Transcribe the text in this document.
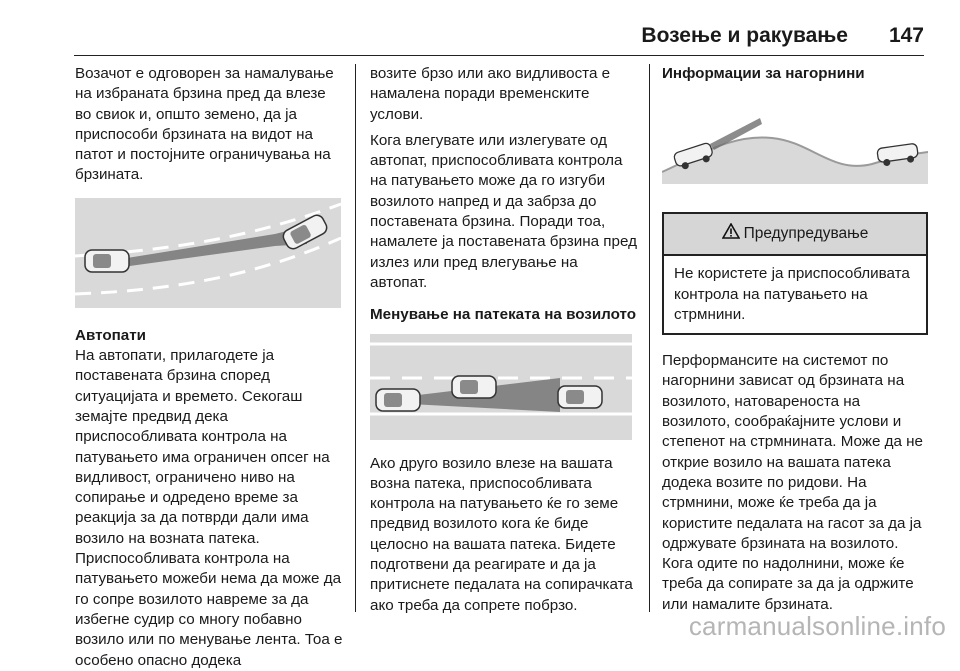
Возење и ракување 147

Возачот е одговорен за намалување на избраната брзина пред да влезе во свиок и, општо земено, да ја приспособи брзината на видот на патот и постојните ограничувања на брзината.

Автопати

На автопати, прилагодете ја поставената брзина според ситуацијата и времето. Секогаш земајте предвид дека приспособливата контрола на патувањето има ограничен опсег на видливост, ограничено ниво на сопирање и одредено време за реакција за да потврди дали има возило на возната патека. Приспособливата контрола на патувањето можеби нема да може да го сопре возилото навреме за да избегне судир со многу побавно возило или по менување лента. Тоа е особено опасно додека

возите брзо или ако видливоста е намалена поради временските услови.

Кога влегувате или излегувате од автопат, приспособливата контрола на патувањето може да го изгуби возилото напред и да забрза до поставената брзина. Поради тоа, намалете ја поставената брзина пред излез или пред влегување на автопат.

Менување на патеката на возилото

Ако друго возило влезе на вашата возна патека, приспособливата контрола на патувањето ќе го земе предвид возилото кога ќе биде целосно на вашата патека. Бидете подготвени да реагирате и да ја притиснете педалата на сопирачката ако треба да сопрете побрзо.

Информации за нагорнини

Предупредување
Не користете ја приспособливата контрола на патувањето на стрмнини.

Перформансите на системот по нагорнини зависат од брзината на возилото, натовареноста на возилото, сообраќајните услови и степенот на стрмнината. Може да не открие возило на вашата патека додека возите по ридови. На стрмнини, може ќе треба да ја користите педалата на гасот за да ја одржувате брзината на возилото. Кога одите по надолнини, може ќе треба да сопирате за да ја одржите или намалите брзината.

carmanualsonline.info
